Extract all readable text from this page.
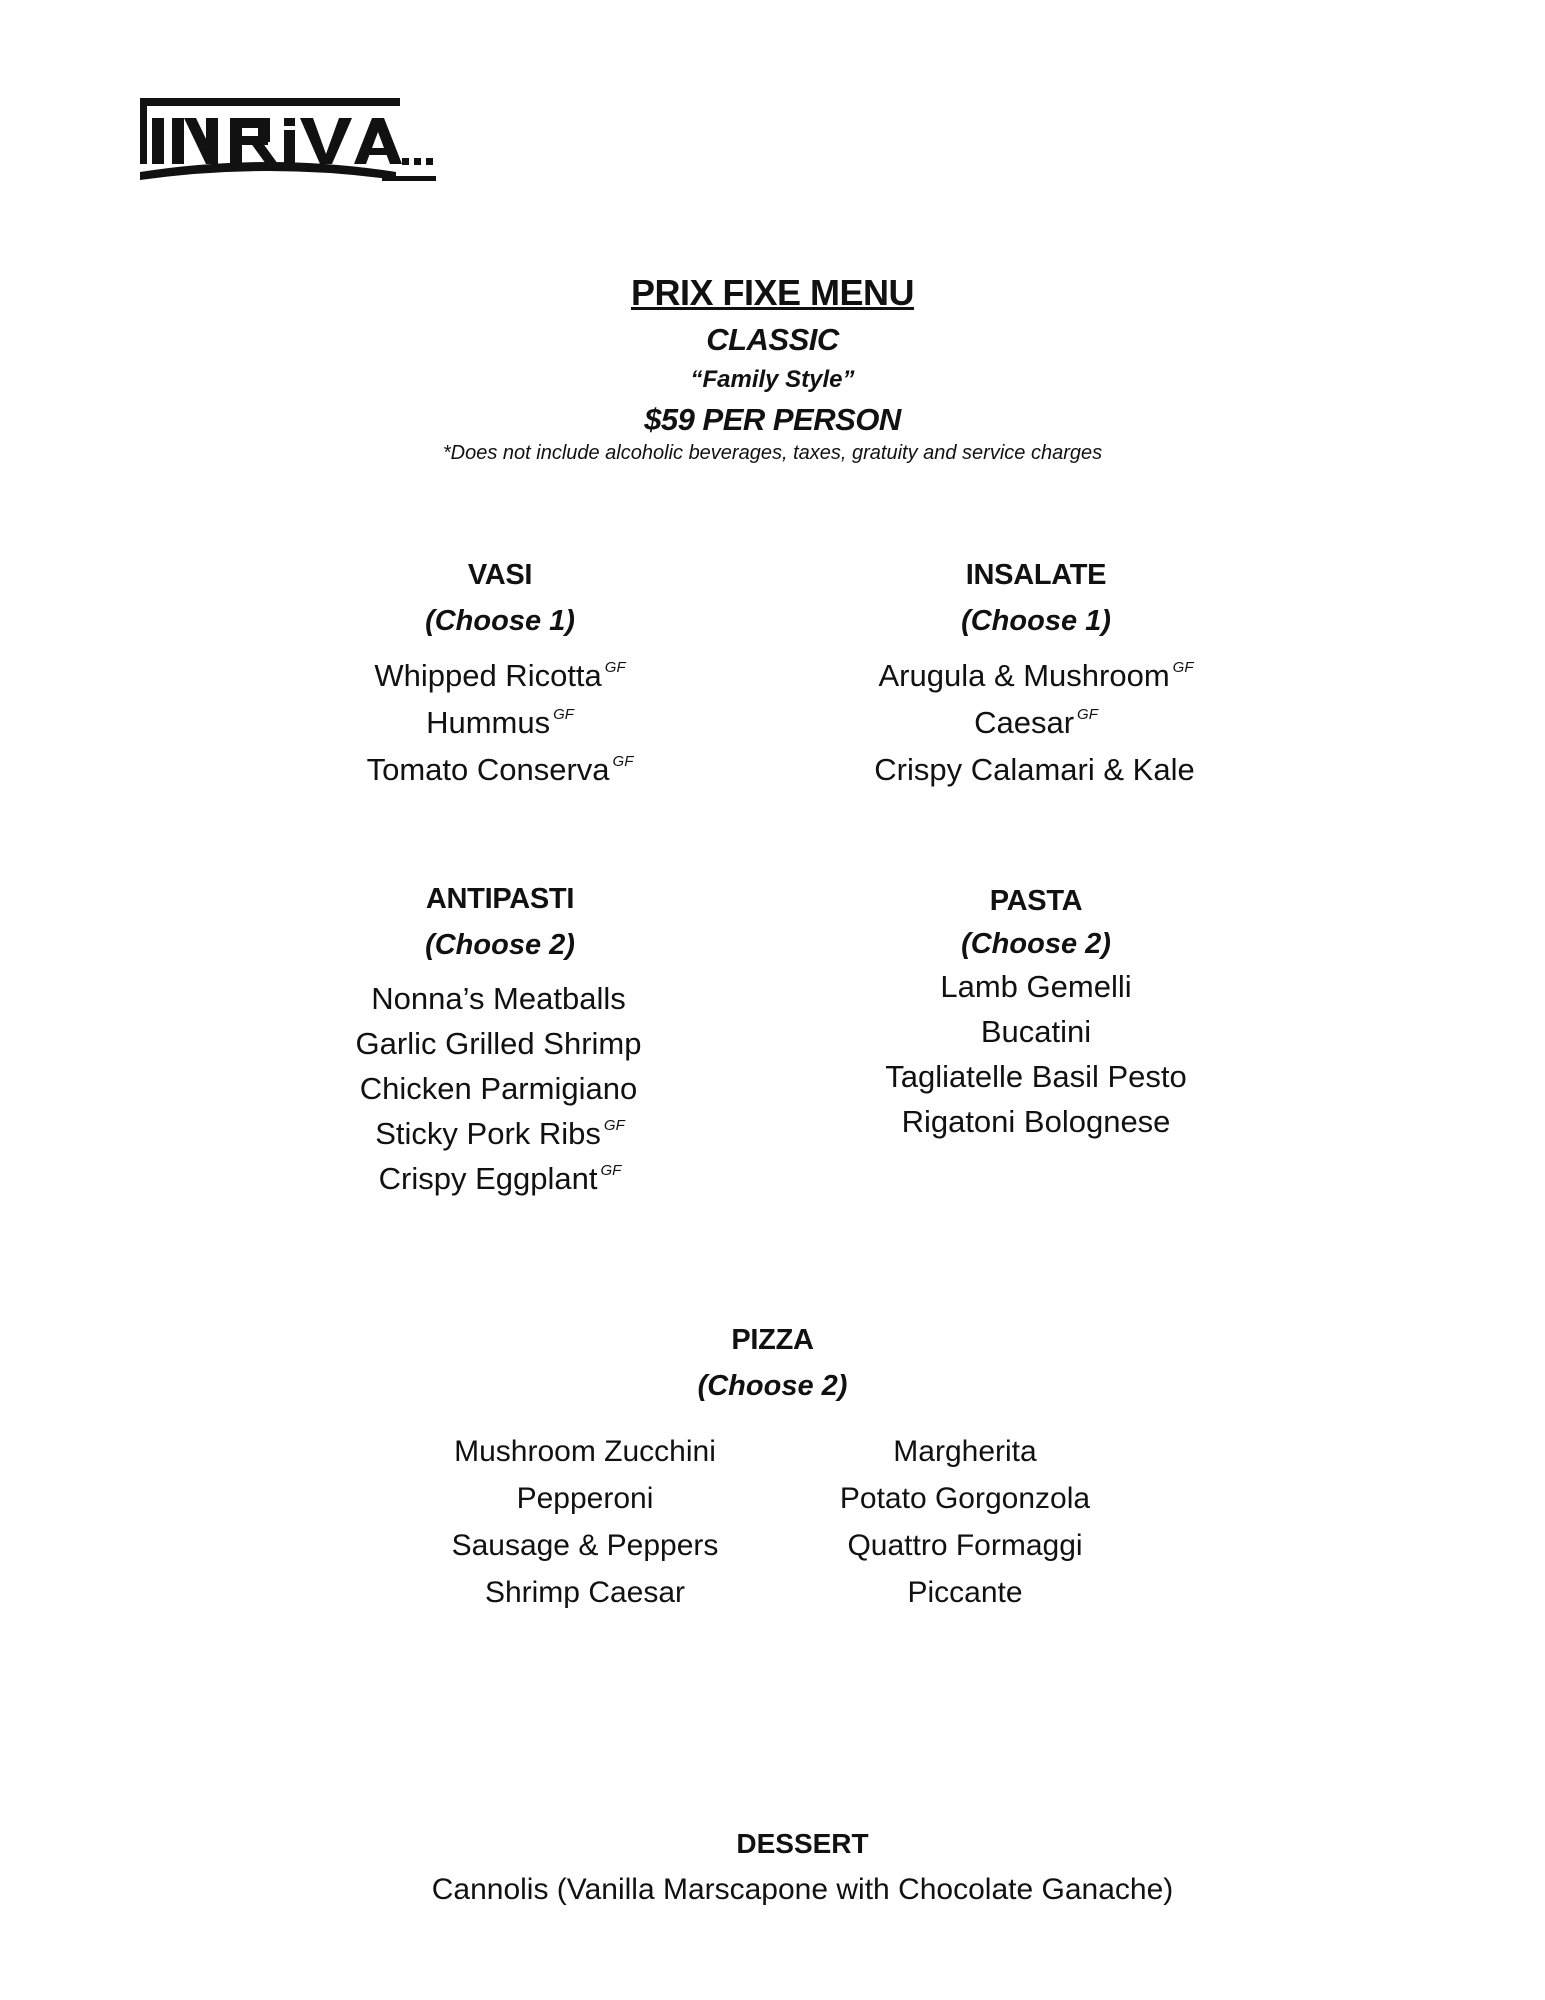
PRIX FIXE MENU
CLASSIC
“Family Style”
$59 PER PERSON
*Does not include alcoholic beverages, taxes, gratuity and service charges
VASI
(Choose 1)
Whipped Ricotta $^{GF}$
Hummus $^{GF}$
Tomato Conserva $^{GF}$
INSALATE
(Choose 1)
Arugula & Mushroom $^{GF}$
Caesar $^{GF}$
Crispy Calamari & Kale
ANTIPASTI
(Choose 2)
Nonna’s Meatballs
Garlic Grilled Shrimp
Chicken Parmigiano
Sticky Pork Ribs $^{GF}$
Crispy Eggplant $^{GF}$
PASTA
(Choose 2)
Lamb Gemelli
Bucatini
Tagliatelle Basil Pesto
Rigatoni Bolognese
PIZZA
(Choose 2)
Mushroom Zucchini
Pepperoni
Sausage & Peppers
Shrimp Caesar
Margherita
Potato Gorgonzola
Quattro Formaggi
Piccante
DESSERT
Cannolis (Vanilla Marscapone with Chocolate Ganache)
